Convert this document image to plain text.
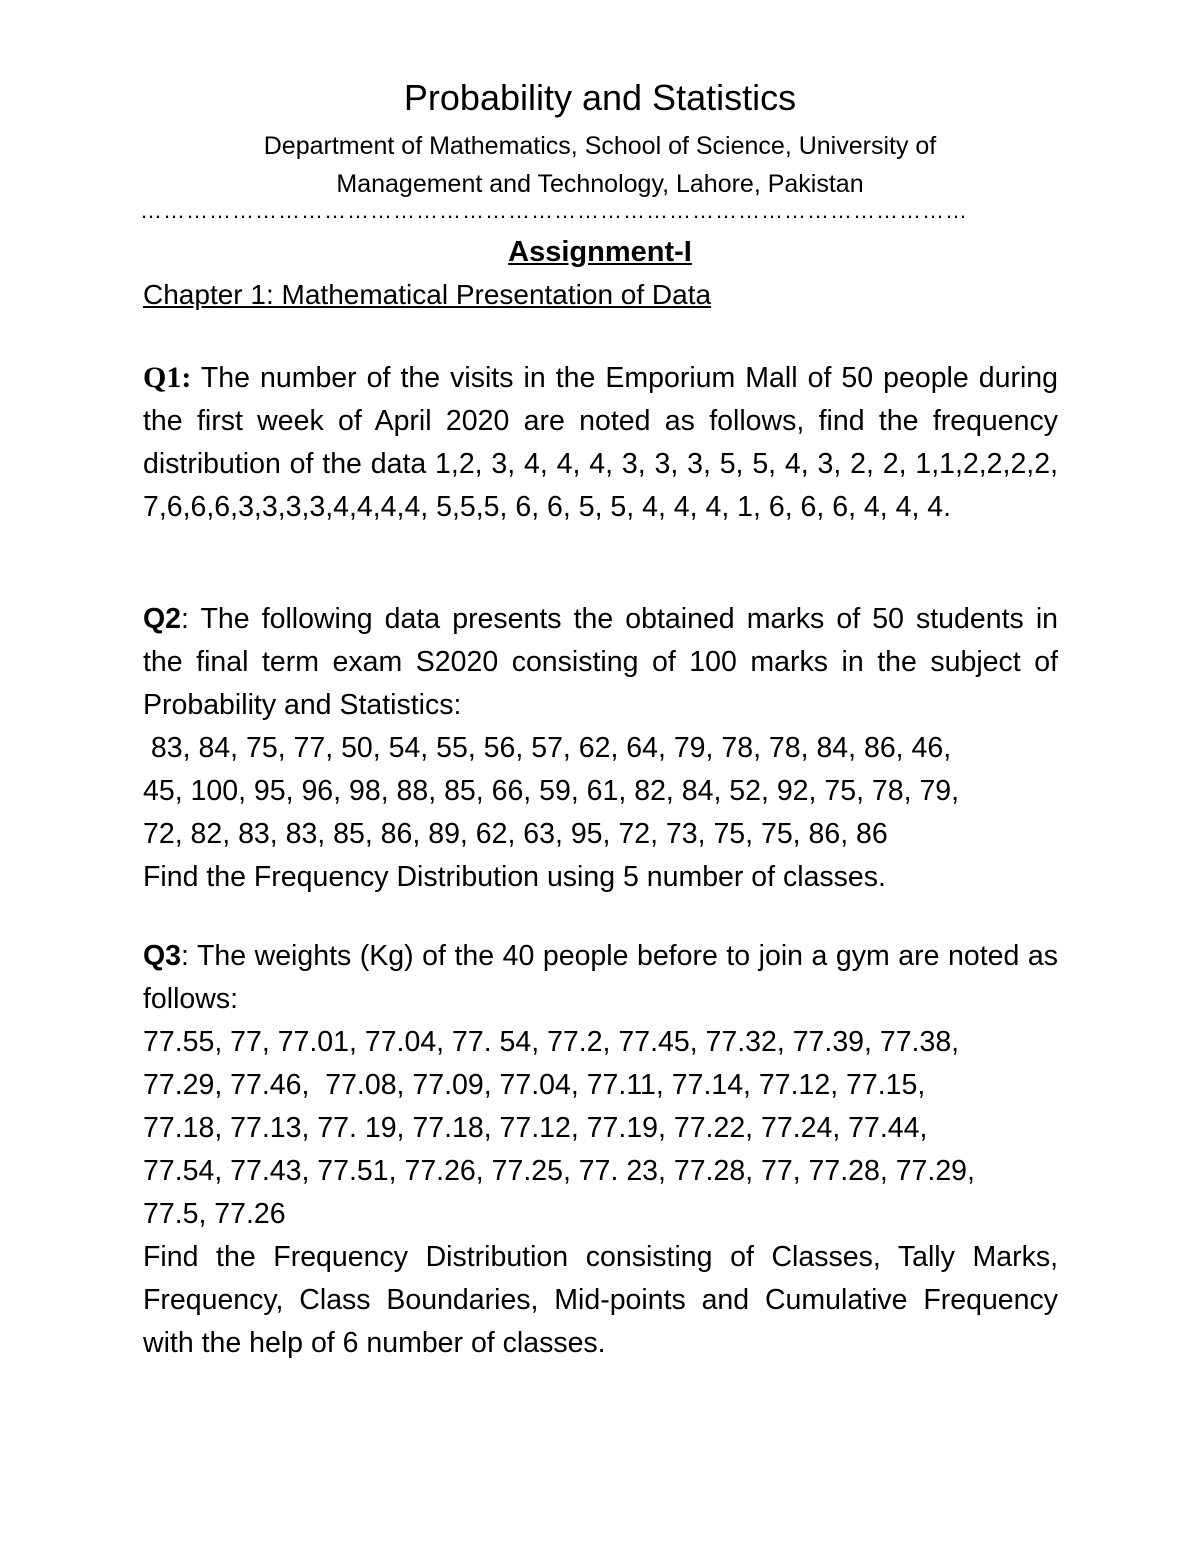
Probability and Statistics
Department of Mathematics, School of Science, University of
Management and Technology, Lahore, Pakistan
………………………………………………………………………………………………
Assignment-I
Chapter 1: Mathematical Presentation of Data
Q1: The number of the visits in the Emporium Mall of 50 people during the first week of April 2020 are noted as follows, find the frequency distribution of the data 1,2, 3, 4, 4, 4, 3, 3, 3, 5, 5, 4, 3, 2, 2, 1,1,2,2,2,2, 7,6,6,6,3,3,3,3,4,4,4,4, 5,5,5, 6, 6, 5, 5, 4, 4, 4, 1, 6, 6, 6, 4, 4, 4.
Q2: The following data presents the obtained marks of 50 students in the final term exam S2020 consisting of 100 marks in the subject of Probability and Statistics:
83, 84, 75, 77, 50, 54, 55, 56, 57, 62, 64, 79, 78, 78, 84, 86, 46,
45, 100, 95, 96, 98, 88, 85, 66, 59, 61, 82, 84, 52, 92, 75, 78, 79,
72, 82, 83, 83, 85, 86, 89, 62, 63, 95, 72, 73, 75, 75, 86, 86
Find the Frequency Distribution using 5 number of classes.
Q3: The weights (Kg) of the 40 people before to join a gym are noted as follows:
77.55, 77, 77.01, 77.04, 77. 54, 77.2, 77.45, 77.32, 77.39, 77.38,
77.29, 77.46,  77.08, 77.09, 77.04, 77.11, 77.14, 77.12, 77.15,
77.18, 77.13, 77. 19, 77.18, 77.12, 77.19, 77.22, 77.24, 77.44,
77.54, 77.43, 77.51, 77.26, 77.25, 77. 23, 77.28, 77, 77.28, 77.29,
77.5, 77.26
Find the Frequency Distribution consisting of Classes, Tally Marks, Frequency, Class Boundaries, Mid-points and Cumulative Frequency with the help of 6 number of classes.
